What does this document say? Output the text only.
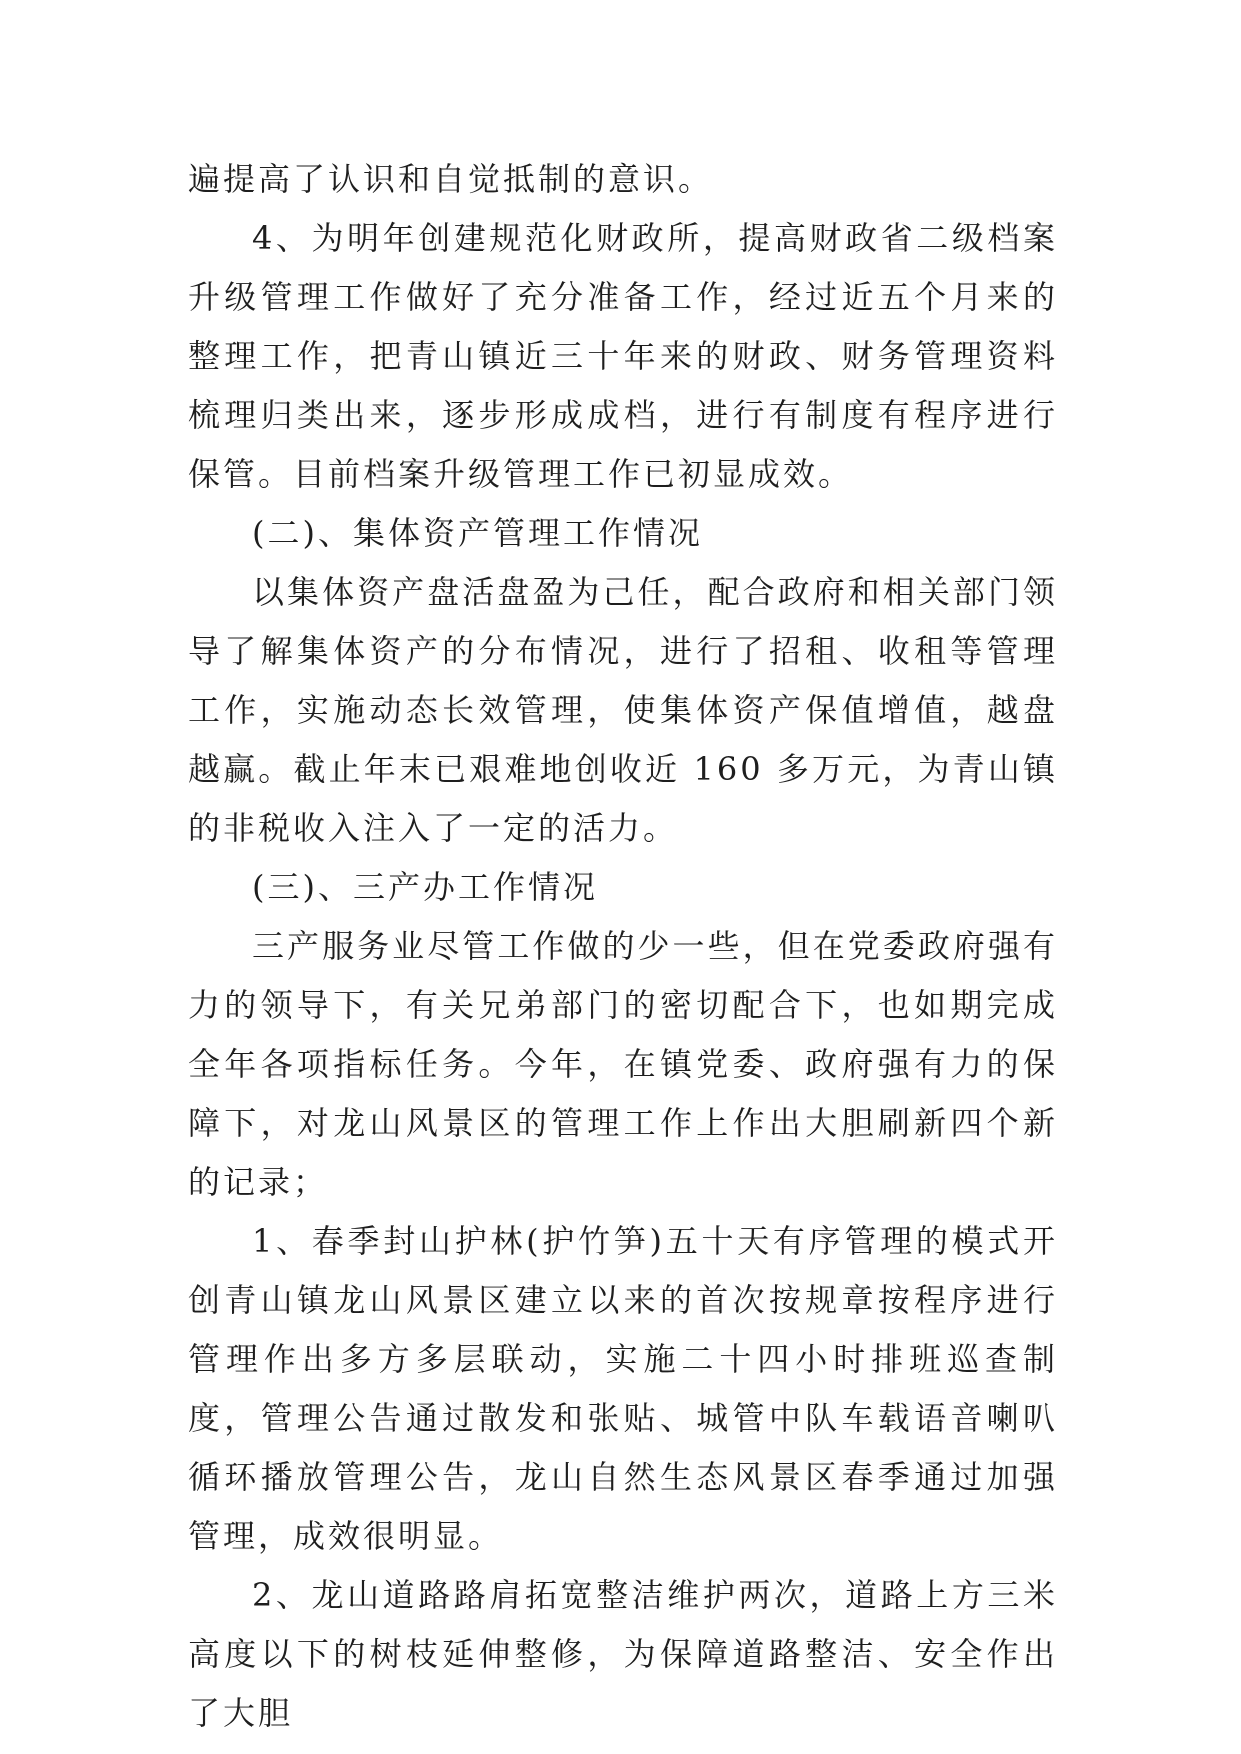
遍提高了认识和自觉抵制的意识。

4、为明年创建规范化财政所，提高财政省二级档案升级管理工作做好了充分准备工作，经过近五个月来的整理工作，把青山镇近三十年来的财政、财务管理资料梳理归类出来，逐步形成成档，进行有制度有程序进行保管。目前档案升级管理工作已初显成效。

(二)、集体资产管理工作情况

以集体资产盘活盘盈为己任，配合政府和相关部门领导了解集体资产的分布情况，进行了招租、收租等管理工作，实施动态长效管理，使集体资产保值增值，越盘越赢。截止年末已艰难地创收近 160 多万元，为青山镇的非税收入注入了一定的活力。

(三)、三产办工作情况

三产服务业尽管工作做的少一些，但在党委政府强有力的领导下，有关兄弟部门的密切配合下，也如期完成全年各项指标任务。今年，在镇党委、政府强有力的保障下，对龙山风景区的管理工作上作出大胆刷新四个新的记录；

1、春季封山护林(护竹笋)五十天有序管理的模式开创青山镇龙山风景区建立以来的首次按规章按程序进行管理作出多方多层联动，实施二十四小时排班巡查制度，管理公告通过散发和张贴、城管中队车载语音喇叭循环播放管理公告，龙山自然生态风景区春季通过加强管理，成效很明显。

2、龙山道路路肩拓宽整洁维护两次，道路上方三米高度以下的树枝延伸整修，为保障道路整洁、安全作出了大胆
